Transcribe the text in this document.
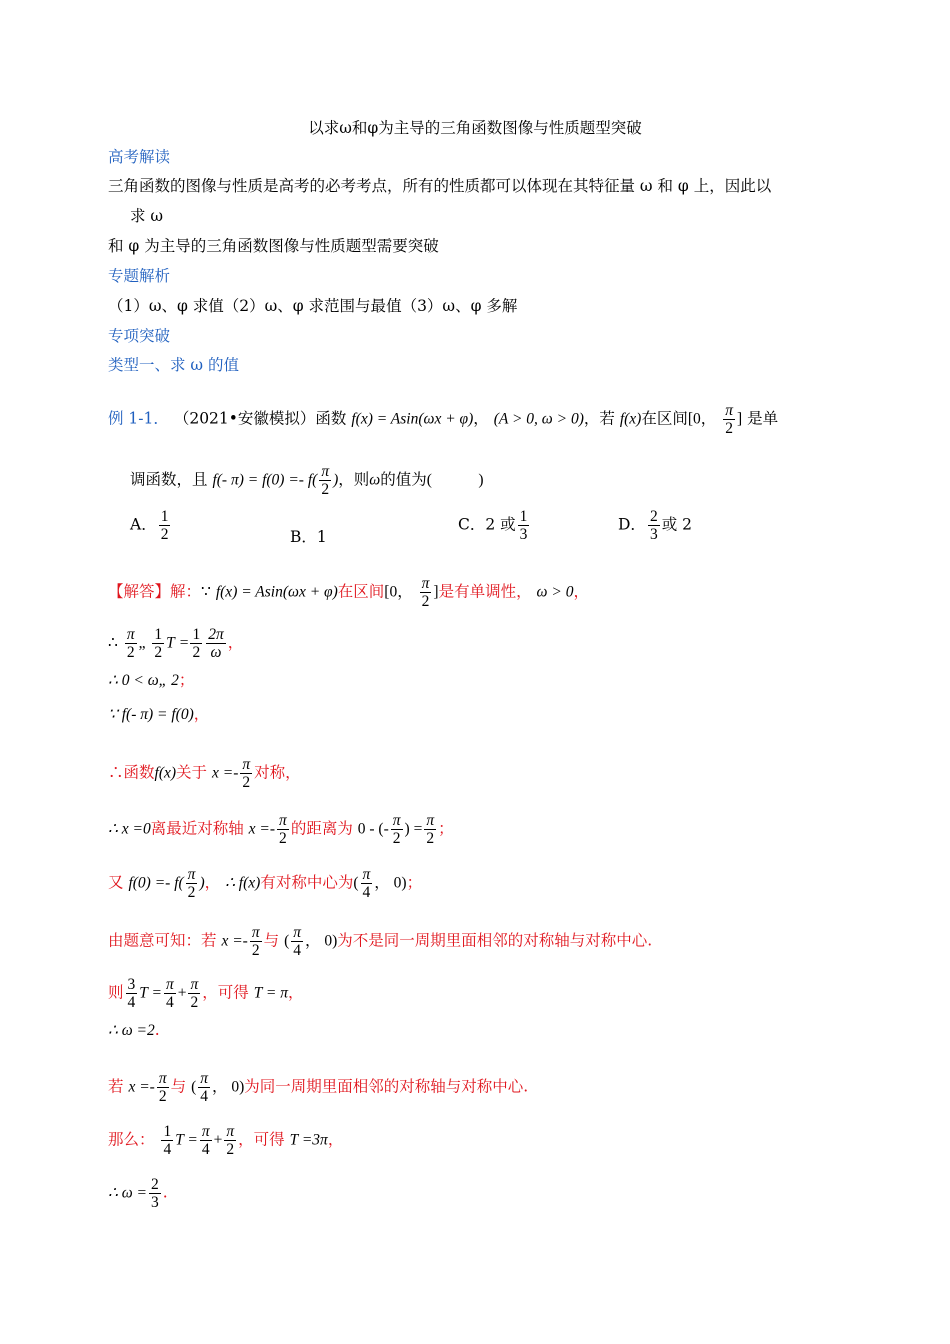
以求ω和φ为主导的三角函数图像与性质题型突破
高考解读
三角函数的图像与性质是高考的必考考点，所有的性质都可以体现在其特征量 ω 和 φ 上，因此以
求 ω
和 φ 为主导的三角函数图像与性质题型需要突破
专题解析
（1）ω、φ 求值（2）ω、φ 求范围与最值（3）ω、φ 多解
专项突破
类型一、求 ω 的值
例 1-1． （2021•安徽模拟）函数 f(x) = Asin(ωx + φ)， (A > 0, ω > 0)，若 f(x)在区间[0， $\frac{\pi}{2}$ ] 是单
调函数，且 f(- $\pi) = f(0) =- f( \frac{\pi}{2}$ )，则ω的值为(　　　)
A． $\frac{1}{2}$	B．1
C．2 或 $\frac{1}{3}$	D． $\frac{2}{3}$ 或 2
【解答】解：∵ f(x) = Asin(ωx + φ)在区间[0， $\frac{\pi}{2}$ ]是有单调性， ω > 0，
∴ $\frac{\pi}{2}$ „ $\frac{1}{2}$ $T = \frac{1}{2} \frac{2\pi}{\omega}$ ，
∴ 0 < ω„ 2；
∵ f(- π) = f(0)，
∴函数f(x)关于 $x =- \frac{\pi}{2}$ 对称，
∴ x =0离最近对称轴 $x =- \frac{\pi}{2}$ 的距离为 0 - (- $\frac{\pi}{2}$ ) = $\frac{\pi}{2}$ ；
又 $f(0) =- f( \frac{\pi}{2}$ )， ∴ f(x)有对称中心为( $\frac{\pi}{4}$ ， 0)；
由题意可知：若 $x =- \frac{\pi}{2}$ 与 ( $\frac{\pi}{4}$ ， 0)为不是同一周期里面相邻的对称轴与对称中心.
则 $\frac{3}{4}$ $T = \frac{\pi}{4} + \frac{\pi}{2}$ ，可得 T = π，
∴ ω =2.
若 $x =- \frac{\pi}{2}$ 与 ( $\frac{\pi}{4}$ ， 0)为同一周期里面相邻的对称轴与对称中心.
那么： $\frac{1}{4}$ $T = \frac{\pi}{4} + \frac{\pi}{2}$ ，可得 T =3π，
∴ $\omega = \frac{2}{3}$ .
